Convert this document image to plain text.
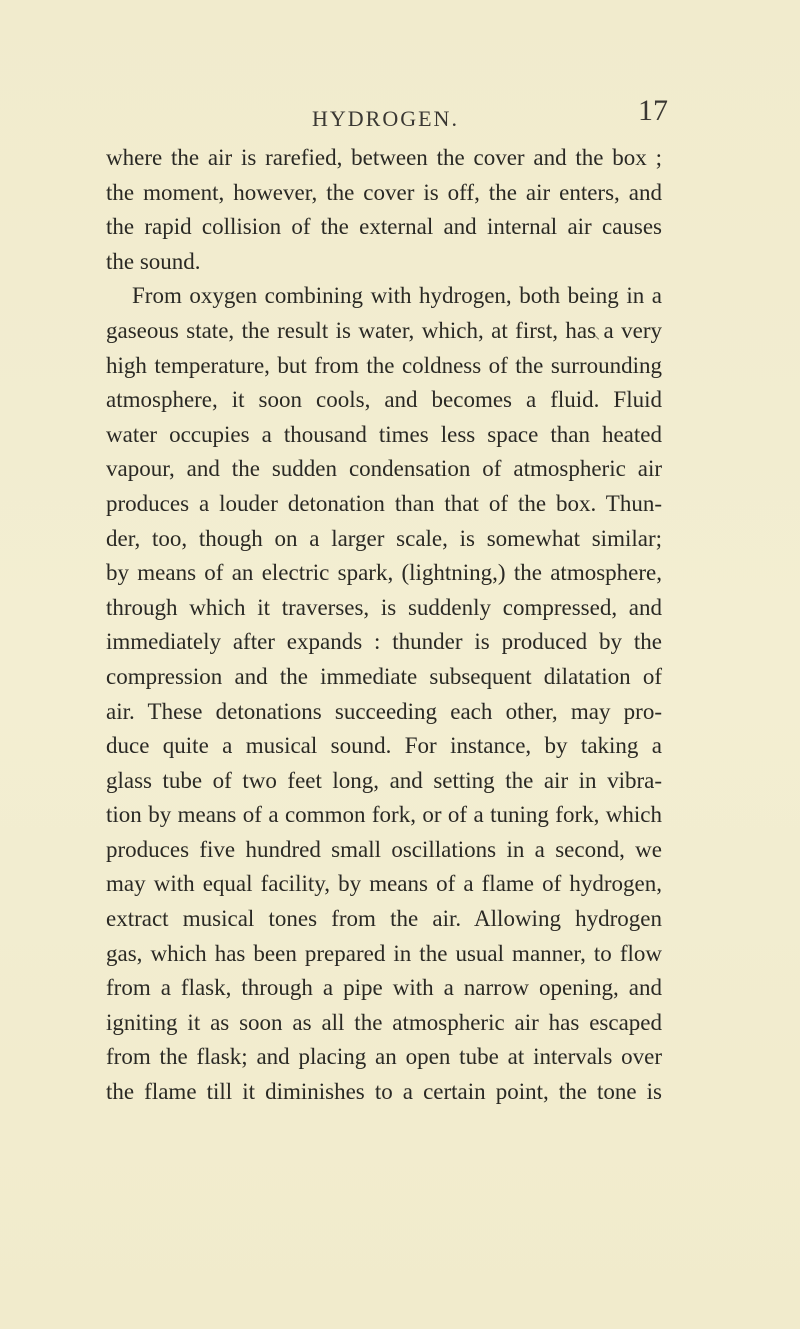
HYDROGEN.	17
where the air is rarefied, between the cover and the box ;
the moment, however, the cover is off, the air enters, and
the rapid collision of the external and internal air causes
the sound.
From oxygen combining with hydrogen, both being in a
gaseous state, the result is water, which, at first, has a very
high temperature, but from the coldness of the surrounding
atmosphere, it soon cools, and becomes a fluid. Fluid
water occupies a thousand times less space than heated
vapour, and the sudden condensation of atmospheric air
produces a louder detonation than that of the box. Thun-
der, too, though on a larger scale, is somewhat similar;
by means of an electric spark, (lightning,) the atmosphere,
through which it traverses, is suddenly compressed, and
immediately after expands : thunder is produced by the
compression and the immediate subsequent dilatation of
air. These detonations succeeding each other, may pro-
duce quite a musical sound. For instance, by taking a
glass tube of two feet long, and setting the air in vibra-
tion by means of a common fork, or of a tuning fork, which
produces five hundred small oscillations in a second, we
may with equal facility, by means of a flame of hydrogen,
extract musical tones from the air. Allowing hydrogen
gas, which has been prepared in the usual manner, to flow
from a flask, through a pipe with a narrow opening, and
igniting it as soon as all the atmospheric air has escaped
from the flask; and placing an open tube at intervals over
the flame till it diminishes to a certain point, the tone is
